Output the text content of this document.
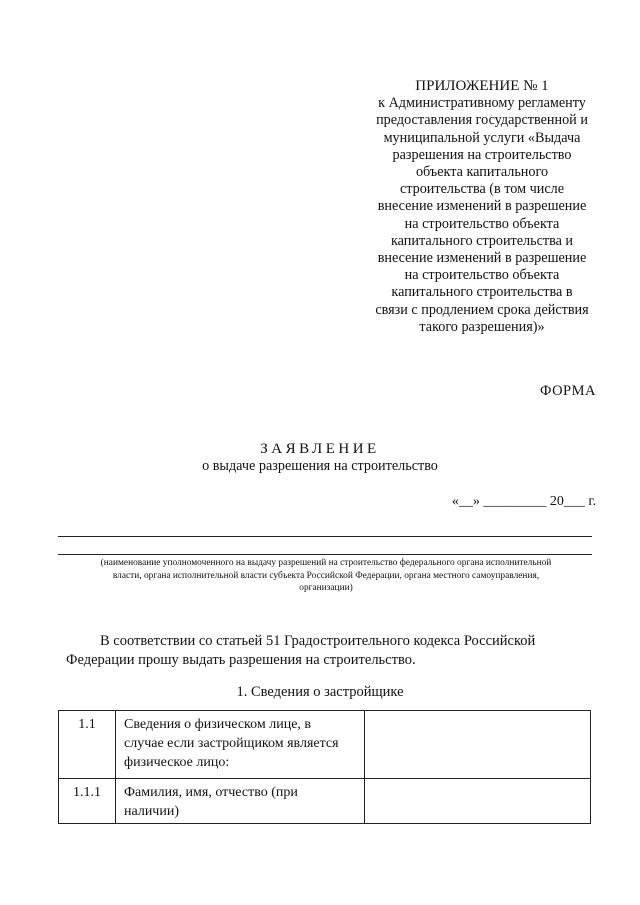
ПРИЛОЖЕНИЕ № 1
к Административному регламенту
предоставления государственной и
муниципальной услуги «Выдача
разрешения на строительство
объекта капитального
строительства (в том числе
внесение изменений в разрешение
на строительство объекта
капитального строительства и
внесение изменений в разрешение
на строительство объекта
капитального строительства в
связи с продлением срока действия
такого разрешения)»
ФОРМА
ЗАЯВЛЕНИЕ
о выдаче разрешения на строительство
«__» _________ 20___ г.
(наименование уполномоченного на выдачу разрешений на строительство федерального органа исполнительной
власти, органа исполнительной власти субъекта Российской Федерации, органа местного самоуправления,
организации)
В соответствии со статьей 51 Градостроительного кодекса Российской
Федерации прошу выдать разрешения на строительство.
1. Сведения о застройщике
1.1	Сведения о физическом лице, в
случае если застройщиком является
физическое лицо:	

1.1.1	Фамилия, имя, отчество (при
наличии)	
